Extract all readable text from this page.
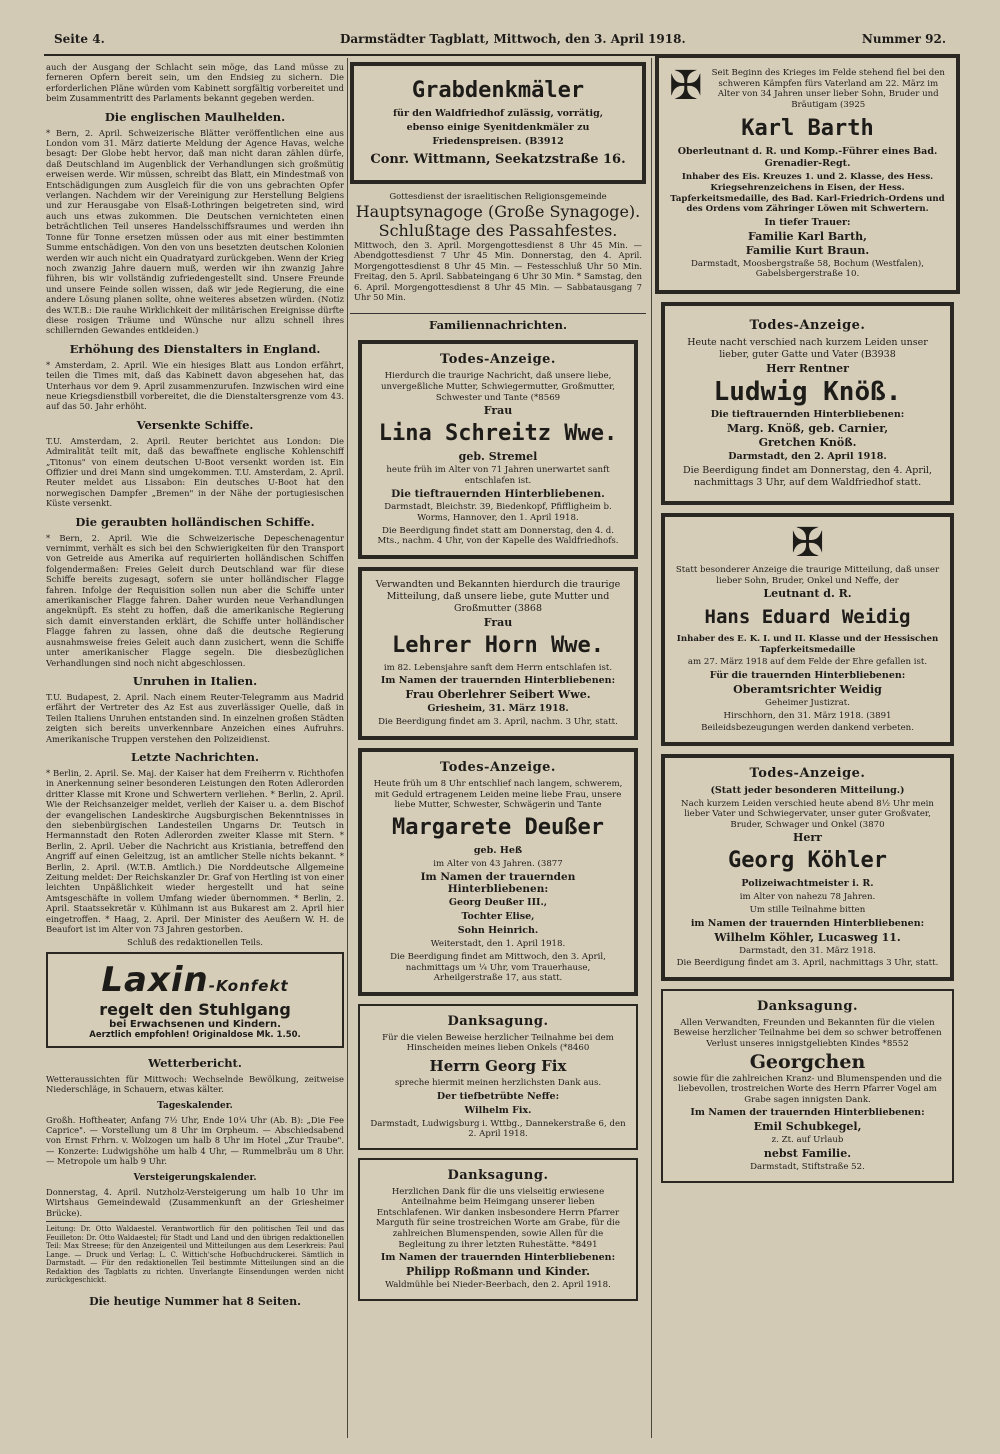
Seite 4.	Darmstädter Tagblatt, Mittwoch, den 3. April 1918.	Nummer 92.

auch der Ausgang der Schlacht sein möge, das Land müsse zu ferneren Opfern bereit sein, um den Endsieg zu sichern. Die erforderlichen Pläne würden vom Kabinett sorgfältig vorbereitet und beim Zusammentritt des Parlaments bekannt gegeben werden.

Die englischen Maulhelden.

* Bern, 2. April. Schweizerische Blätter veröffentlichen eine aus London vom 31. März datierte Meldung der Agence Havas, welche besagt: Der Globe hebt hervor, daß man nicht daran zählen dürfe, daß Deutschland im Augenblick der Verhandlungen sich großmütig erweisen werde. Wir müssen, schreibt das Blatt, ein Mindestmaß von Entschädigungen zum Ausgleich für die von uns gebrachten Opfer verlangen. Nachdem wir der Vereinigung zur Herstellung Belgiens und zur Herausgabe von Elsaß-Lothringen beigetreten sind, wird auch uns etwas zukommen. Die Deutschen vernichteten einen beträchtlichen Teil unseres Handelsschiffsraumes und werden ihn Tonne für Tonne ersetzen müssen oder aus mit einer bestimmten Summe entschädigen. Von den von uns besetzten deutschen Kolonien werden wir auch nicht ein Quadratyard zurückgeben. Wenn der Krieg noch zwanzig Jahre dauern muß, werden wir ihn zwanzig Jahre führen, bis wir vollständig zufriedengestellt sind. Unsere Freunde und unsere Feinde sollen wissen, daß wir jede Regierung, die eine andere Lösung planen sollte, ohne weiteres absetzen würden. (Notiz des W.T.B.: Die rauhe Wirklichkeit der militärischen Ereignisse dürfte diese rosigen Träume und Wünsche nur allzu schnell ihres schillernden Gewandes entkleiden.)

Erhöhung des Dienstalters in England.

* Amsterdam, 2. April. Wie ein hiesiges Blatt aus London erfährt, teilen die Times mit, daß das Kabinett davon abgesehen hat, das Unterhaus vor dem 9. April zusammenzurufen. Inzwischen wird eine neue Kriegsdienstbill vorbereitet, die die Dienstaltersgrenze vom 43. auf das 50. Jahr erhöht.

Versenkte Schiffe.

T.U. Amsterdam, 2. April. Reuter berichtet aus London: Die Admiralität teilt mit, daß das bewaffnete englische Kohlenschiff „Titonus" von einem deutschen U-Boot versenkt worden ist. Ein Offizier und drei Mann sind umgekommen. T.U. Amsterdam, 2. April. Reuter meldet aus Lissabon: Ein deutsches U-Boot hat den norwegischen Dampfer „Bremen" in der Nähe der portugiesischen Küste versenkt.

Die geraubten holländischen Schiffe.

* Bern, 2. April. Wie die Schweizerische Depeschenagentur vernimmt, verhält es sich bei den Schwierigkeiten für den Transport von Getreide aus Amerika auf requirierten holländischen Schiffen folgendermaßen: Freies Geleit durch Deutschland war für diese Schiffe bereits zugesagt, sofern sie unter holländischer Flagge fahren. Infolge der Requisition sollen nun aber die Schiffe unter amerikanischer Flagge fahren. Daher wurden neue Verhandlungen angeknüpft. Es steht zu hoffen, daß die amerikanische Regierung sich damit einverstanden erklärt, die Schiffe unter holländischer Flagge fahren zu lassen, ohne daß die deutsche Regierung ausnahmsweise freies Geleit auch dann zusichert, wenn die Schiffe unter amerikanischer Flagge segeln. Die diesbezüglichen Verhandlungen sind noch nicht abgeschlossen.

Unruhen in Italien.

T.U. Budapest, 2. April. Nach einem Reuter-Telegramm aus Madrid erfährt der Vertreter des Az Est aus zuverlässiger Quelle, daß in Teilen Italiens Unruhen entstanden sind. In einzelnen großen Städten zeigten sich bereits unverkennbare Anzeichen eines Aufruhrs. Amerikanische Truppen verstehen den Polizeidienst.

Letzte Nachrichten.

* Berlin, 2. April. Se. Maj. der Kaiser hat dem Freiherrn v. Richthofen in Anerkennung seiner besonderen Leistungen den Roten Adlerorden dritter Klasse mit Krone und Schwertern verliehen. * Berlin, 2. April. Wie der Reichsanzeiger meldet, verlieh der Kaiser u. a. dem Bischof der evangelischen Landeskirche Augsburgischen Bekenntnisses in den siebenbürgischen Landesteilen Ungarns Dr. Teutsch in Hermannstadt den Roten Adlerorden zweiter Klasse mit Stern. * Berlin, 2. April. Ueber die Nachricht aus Kristiania, betreffend den Angriff auf einen Geleitzug, ist an amtlicher Stelle nichts bekannt. * Berlin, 2. April. (W.T.B. Amtlich.) Die Norddeutsche Allgemeine Zeitung meldet: Der Reichskanzler Dr. Graf von Hertling ist von einer leichten Unpäßlichkeit wieder hergestellt und hat seine Amtsgeschäfte in vollem Umfang wieder übernommen. * Berlin, 2. April. Staatssekretär v. Kühlmann ist aus Bukarest am 2. April hier eingetroffen. * Haag, 2. April. Der Minister des Aeußern W. H. de Beaufort ist im Alter von 73 Jahren gestorben.

Schluß des redaktionellen Teils.

Laxin-Konfekt
regelt den Stuhlgang
bei Erwachsenen und Kindern.
Aerztlich empfohlen! Originaldose Mk. 1.50.
Wetterbericht.

Wetteraussichten für Mittwoch: Wechselnde Bewölkung, zeitweise Niederschläge, in Schauern, etwas kälter.

Tageskalender.

Großh. Hoftheater, Anfang 7½ Uhr, Ende 10¼ Uhr (Ab. B): „Die Fee Caprice". — Vorstellung um 8 Uhr im Orpheum. — Abschiedsabend von Ernst Frhrn. v. Wolzogen um halb 8 Uhr im Hotel „Zur Traube". — Konzerte: Ludwigshöhe um halb 4 Uhr, — Rummelbräu um 8 Uhr. — Metropole um halb 9 Uhr.

Versteigerungskalender.

Donnerstag, 4. April. Nutzholz-Versteigerung um halb 10 Uhr im Wirtshaus Gemeindewald (Zusammenkunft an der Griesheimer Brücke).

Leitung: Dr. Otto Waldaestel. Verantwortlich für den politischen Teil und das Feuilleton: Dr. Otto Waldaestel; für Stadt und Land und den übrigen redaktionellen Teil: Max Streese; für den Anzeigenteil und Mitteilungen aus dem Leserkreis: Paul Lange. — Druck und Verlag: L. C. Wittich'sche Hofbuchdruckerei. Sämtlich in Darmstadt. — Für den redaktionellen Teil bestimmte Mitteilungen sind an die Redaktion des Tagblatts zu richten. Unverlangte Einsendungen werden nicht zurückgeschickt.

Die heutige Nummer hat 8 Seiten.
Grabdenkmäler
für den Waldfriedhof zulässig, vorrätig,
ebenso einige Syenitdenkmäler zu
Friedenspreisen. (B3912
Conr. Wittmann, Seekatzstraße 16.
Gottesdienst der israelitischen Religionsgemeinde
Hauptsynagoge (Große Synagoge).
Schlußtage des Passahfestes.

Mittwoch, den 3. April. Morgengottesdienst 8 Uhr 45 Min. — Abendgottesdienst 7 Uhr 45 Min. Donnerstag, den 4. April. Morgengottesdienst 8 Uhr 45 Min. — Festesschluß Uhr 50 Min. Freitag, den 5. April. Sabbateingang 6 Uhr 30 Min. * Samstag, den 6. April. Morgengottesdienst 8 Uhr 45 Min. — Sabbatausgang 7 Uhr 50 Min.

Familiennachrichten.
Todes-Anzeige.
Hierdurch die traurige Nachricht, daß unsere liebe, unvergeßliche Mutter, Schwiegermutter, Großmutter, Schwester und Tante (*8569
Frau
Lina Schreitz Wwe.
geb. Stremel
heute früh im Alter von 71 Jahren unerwartet sanft entschlafen ist.
Die tieftrauernden Hinterbliebenen.
Darmstadt, Bleichstr. 39, Biedenkopf, Pfiffligheim b. Worms, Hannover, den 1. April 1918.
Die Beerdigung findet statt am Donnerstag, den 4. d. Mts., nachm. 4 Uhr, von der Kapelle des Waldfriedhofs.
Verwandten und Bekannten hierdurch die traurige Mitteilung, daß unsere liebe, gute Mutter und Großmutter (3868
Frau
Lehrer Horn Wwe.
im 82. Lebensjahre sanft dem Herrn entschlafen ist.
Im Namen der trauernden Hinterbliebenen:
Frau Oberlehrer Seibert Wwe.
Griesheim, 31. März 1918.
Die Beerdigung findet am 3. April, nachm. 3 Uhr, statt.
Todes-Anzeige.
Heute früh um 8 Uhr entschlief nach langem, schwerem, mit Geduld ertragenem Leiden meine liebe Frau, unsere liebe Mutter, Schwester, Schwägerin und Tante
Margarete Deußer
geb. Heß
im Alter von 43 Jahren. (3877
Im Namen der trauernden Hinterbliebenen:
Georg Deußer III.,
Tochter Elise,
Sohn Heinrich.
Weiterstadt, den 1. April 1918.
Die Beerdigung findet am Mittwoch, den 3. April, nachmittags um ¼ Uhr, vom Trauerhause, Arheilgerstraße 17, aus statt.
Danksagung.
Für die vielen Beweise herzlicher Teilnahme bei dem Hinscheiden meines lieben Onkels (*8460
Herrn Georg Fix
spreche hiermit meinen herzlichsten Dank aus.
Der tiefbetrübte Neffe:
Wilhelm Fix.
Darmstadt, Ludwigsburg i. Wttbg., Dannekerstraße 6, den 2. April 1918.
Danksagung.
Herzlichen Dank für die uns vielseitig erwiesene Anteilnahme beim Heimgang unserer lieben Entschlafenen. Wir danken insbesondere Herrn Pfarrer Marguth für seine trostreichen Worte am Grabe, für die zahlreichen Blumenspenden, sowie Allen für die Begleitung zu ihrer letzten Ruhestätte. *8491
Im Namen der trauernden Hinterbliebenen:
Philipp Roßmann und Kinder.
Waldmühle bei Nieder-Beerbach, den 2. April 1918.
✠ Seit Beginn des Krieges im Felde stehend fiel bei den schweren Kämpfen fürs Vaterland am 22. März im Alter von 34 Jahren unser lieber Sohn, Bruder und Bräutigam (3925
Karl Barth
Oberleutnant d. R. und Komp.-Führer eines Bad. Grenadier-Regt.
Inhaber des Eis. Kreuzes 1. und 2. Klasse, des Hess. Kriegsehrenzeichens in Eisen, der Hess. Tapferkeitsmedaille, des Bad. Karl-Friedrich-Ordens und des Ordens vom Zähringer Löwen mit Schwertern.
In tiefer Trauer:
Familie Karl Barth,
Familie Kurt Braun.
Darmstadt, Moosbergstraße 58, Bochum (Westfalen), Gabelsbergerstraße 10.
Todes-Anzeige.
Heute nacht verschied nach kurzem Leiden unser lieber, guter Gatte und Vater (B3938
Herr Rentner
Ludwig Knöß.
Die tieftrauernden Hinterbliebenen:
Marg. Knöß, geb. Carnier,
Gretchen Knöß.
Darmstadt, den 2. April 1918.
Die Beerdigung findet am Donnerstag, den 4. April, nachmittags 3 Uhr, auf dem Waldfriedhof statt.
✠
Statt besonderer Anzeige die traurige Mitteilung, daß unser lieber Sohn, Bruder, Onkel und Neffe, der
Leutnant d. R.
Hans Eduard Weidig
Inhaber des E. K. I. und II. Klasse und der Hessischen Tapferkeitsmedaille
am 27. März 1918 auf dem Felde der Ehre gefallen ist.
Für die trauernden Hinterbliebenen:
Oberamtsrichter Weidig
Geheimer Justizrat.
Hirschhorn, den 31. März 1918. (3891
Beileidsbezeugungen werden dankend verbeten.
Todes-Anzeige.
(Statt jeder besonderen Mitteilung.)
Nach kurzem Leiden verschied heute abend 8½ Uhr mein lieber Vater und Schwiegervater, unser guter Großvater, Bruder, Schwager und Onkel (3870
Herr
Georg Köhler
Polizeiwachtmeister i. R.
im Alter von nahezu 78 Jahren.
Um stille Teilnahme bitten
im Namen der trauernden Hinterbliebenen:
Wilhelm Köhler, Lucasweg 11.
Darmstadt, den 31. März 1918.
Die Beerdigung findet am 3. April, nachmittags 3 Uhr, statt.
Danksagung.
Allen Verwandten, Freunden und Bekannten für die vielen Beweise herzlicher Teilnahme bei dem so schwer betroffenen Verlust unseres innigstgeliebten Kindes *8552
Georgchen
sowie für die zahlreichen Kranz- und Blumenspenden und die liebevollen, trostreichen Worte des Herrn Pfarrer Vogel am Grabe sagen innigsten Dank.
Im Namen der trauernden Hinterbliebenen:
Emil Schubkegel,
z. Zt. auf Urlaub
nebst Familie.
Darmstadt, Stiftstraße 52.
